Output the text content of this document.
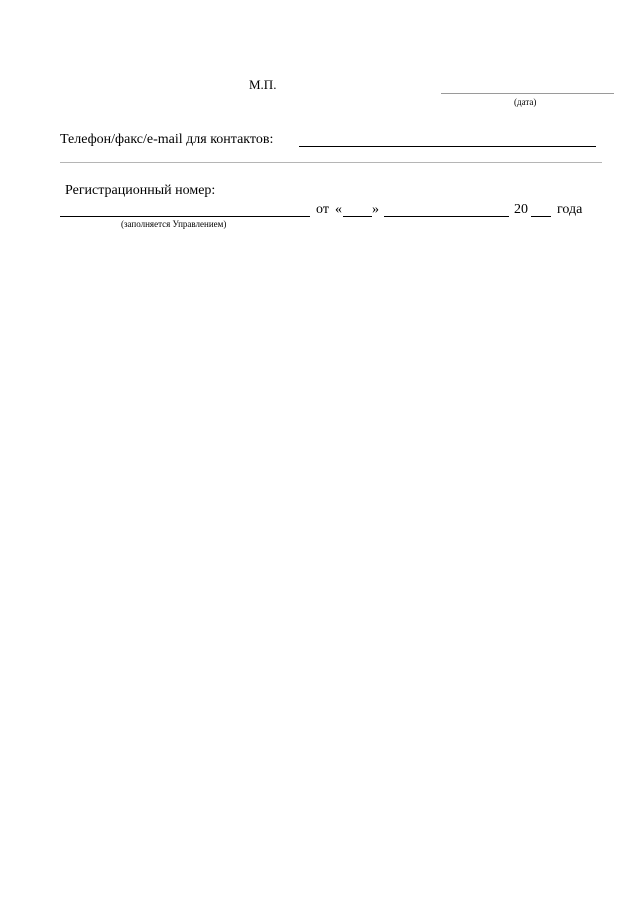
М.П.
(дата)
Телефон/факс/e-mail для контактов:
Регистрационный номер:
(заполняется Управлением)
от « »	20 года
